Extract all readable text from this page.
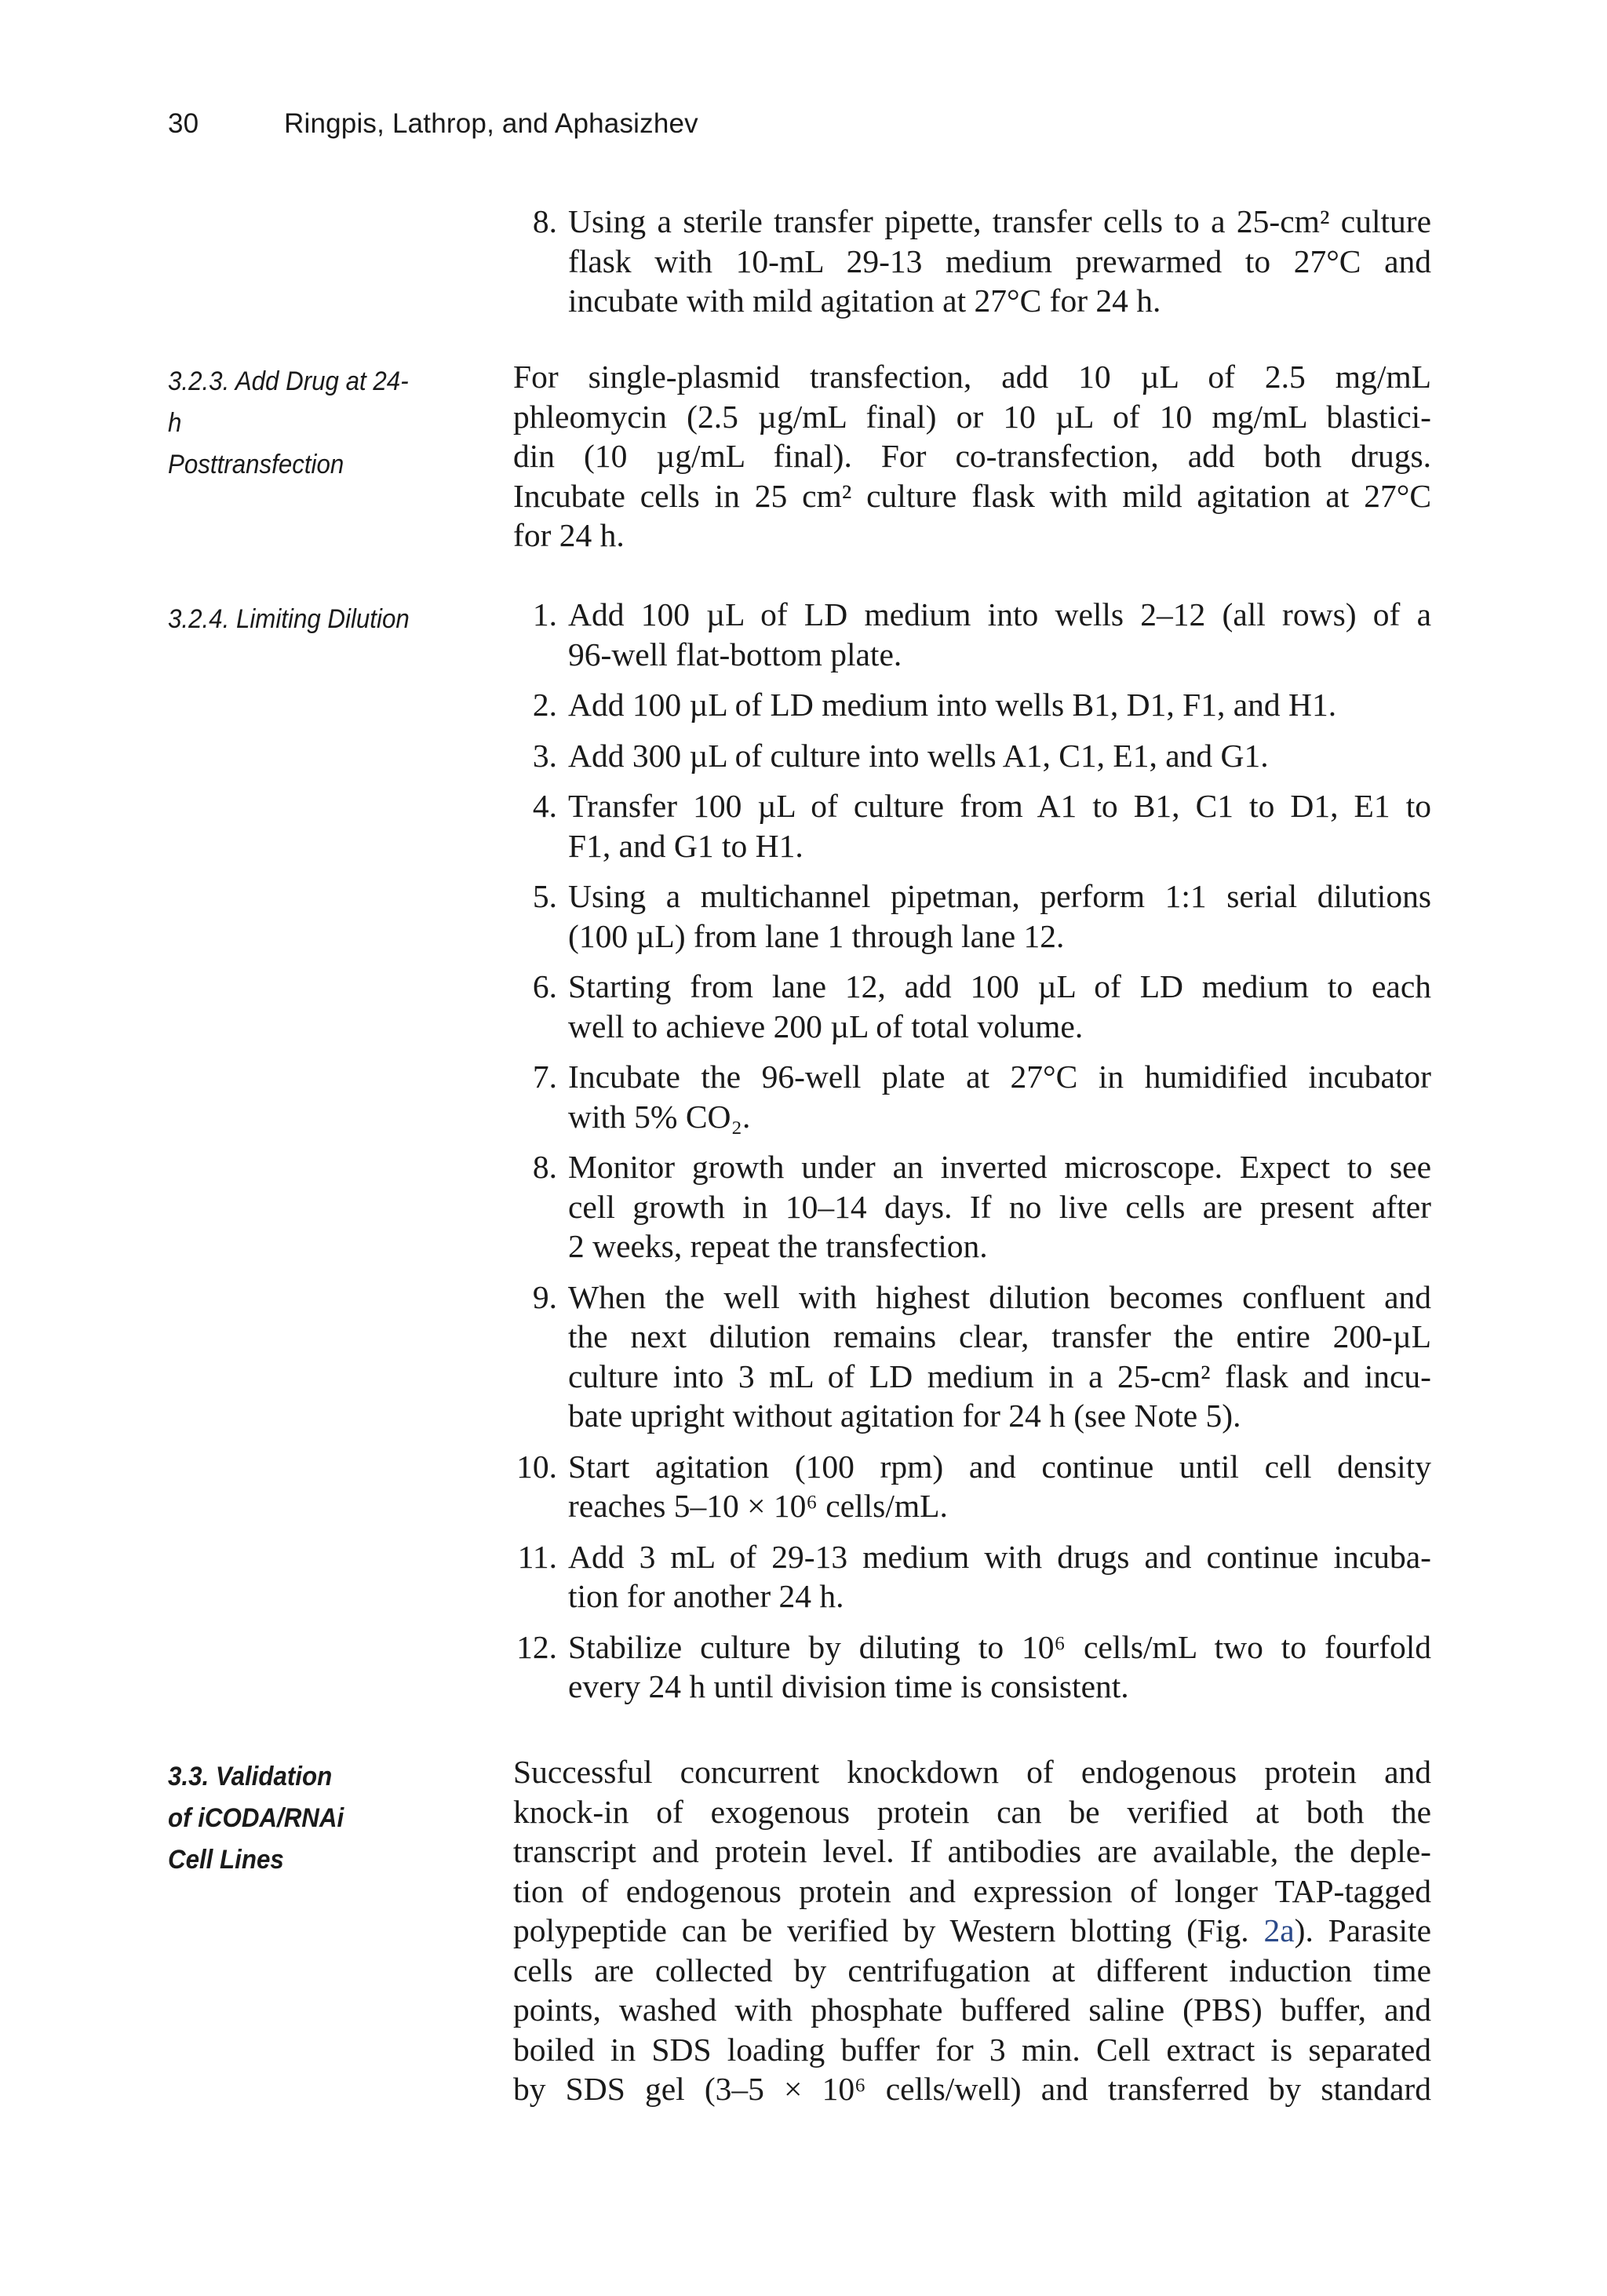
30	Ringpis, Lathrop, and Aphasizhev
8. Using a sterile transfer pipette, transfer cells to a 25-cm² culture
flask with 10-mL 29-13 medium prewarmed to 27°C and
incubate with mild agitation at 27°C for 24 h.
3.2.3. Add Drug at 24-h
Posttransfection
For single-plasmid transfection, add 10 µL of 2.5 mg/mL
phleomycin (2.5 µg/mL final) or 10 µL of 10 mg/mL blastici-
din (10 µg/mL final). For co-transfection, add both drugs.
Incubate cells in 25 cm² culture flask with mild agitation at 27°C
for 24 h.
3.2.4. Limiting Dilution	1. Add 100 µL of LD medium into wells 2–12 (all rows) of a
96-well flat-bottom plate.
2. Add 100 µL of LD medium into wells B1, D1, F1, and H1.
3. Add 300 µL of culture into wells A1, C1, E1, and G1.
4. Transfer 100 µL of culture from A1 to B1, C1 to D1, E1 to
F1, and G1 to H1.
5. Using a multichannel pipetman, perform 1:1 serial dilutions
(100 µL) from lane 1 through lane 12.
6. Starting from lane 12, add 100 µL of LD medium to each
well to achieve 200 µL of total volume.
7. Incubate the 96-well plate at 27°C in humidified incubator
with 5% CO₂.
8. Monitor growth under an inverted microscope. Expect to see
cell growth in 10–14 days. If no live cells are present after
2 weeks, repeat the transfection.
9. When the well with highest dilution becomes confluent and
the next dilution remains clear, transfer the entire 200-µL
culture into 3 mL of LD medium in a 25-cm² flask and incu-
bate upright without agitation for 24 h (see Note 5).
10. Start agitation (100 rpm) and continue until cell density
reaches 5–10 × 10⁶ cells/mL.
11. Add 3 mL of 29-13 medium with drugs and continue incuba-
tion for another 24 h.
12. Stabilize culture by diluting to 10⁶ cells/mL two to fourfold
every 24 h until division time is consistent.
3.3. Validation
of iCODA/RNAi
Cell Lines
Successful concurrent knockdown of endogenous protein and
knock-in of exogenous protein can be verified at both the
transcript and protein level. If antibodies are available, the deple-
tion of endogenous protein and expression of longer TAP-tagged
polypeptide can be verified by Western blotting (Fig. 2a). Parasite
cells are collected by centrifugation at different induction time
points, washed with phosphate buffered saline (PBS) buffer, and
boiled in SDS loading buffer for 3 min. Cell extract is separated
by SDS gel (3–5 × 10⁶ cells/well) and transferred by standard
